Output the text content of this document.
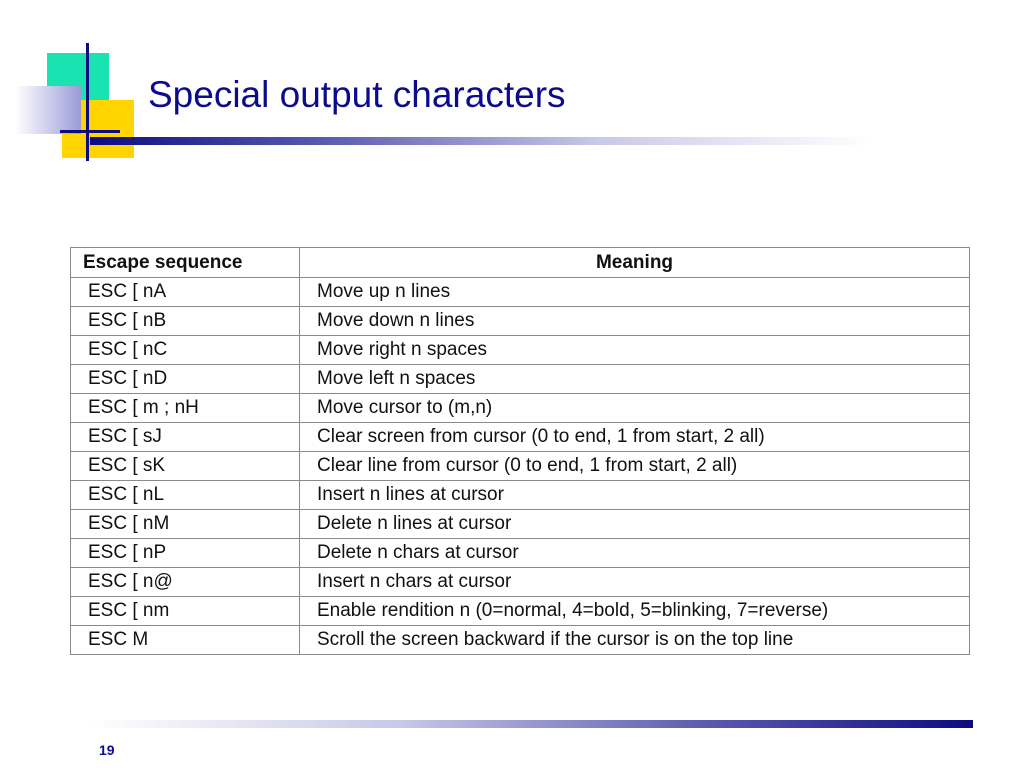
Special output characters
Escape sequence	Meaning
ESC [ nA	Move up n lines
ESC [ nB	Move down n lines
ESC [ nC	Move right n spaces
ESC [ nD	Move left n spaces
ESC [ m ; nH	Move cursor to (m,n)
ESC [ sJ	Clear screen from cursor (0 to end, 1 from start, 2 all)
ESC [ sK	Clear line from cursor (0 to end, 1 from start, 2 all)
ESC [ nL	Insert n lines at cursor
ESC [ nM	Delete n lines at cursor
ESC [ nP	Delete n chars at cursor
ESC [ n@	Insert n chars at cursor
ESC [ nm	Enable rendition n (0=normal, 4=bold, 5=blinking, 7=reverse)
ESC M	Scroll the screen backward if the cursor is on the top line
19
